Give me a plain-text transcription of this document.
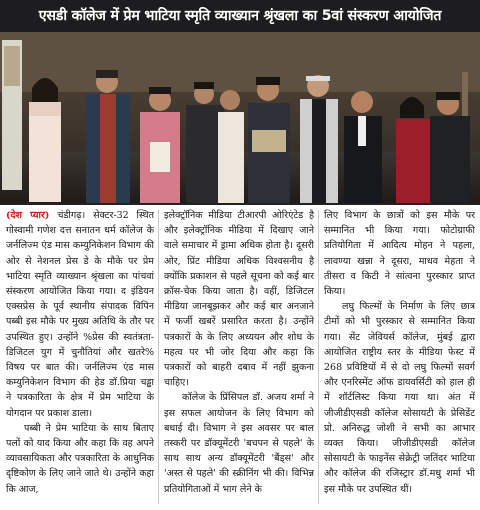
एसडी कॉलेज में प्रेम भाटिया स्मृति व्याख्यान श्रृंखला का 5वां संस्करण आयोजित

(देश प्यार) चंडीगढ़। सेक्टर-32 स्थित गोस्वामी गणेश दत्त सनातन धर्म कॉलेज के जर्नलिज्म एंड मास कम्युनिकेशन विभाग की ओर से नेशनल प्रेस डे के मौके पर प्रेम भाटिया स्मृति व्याख्यान श्रृंखला का पांचवां संस्करण आयोजित किया गया। द इंडियन एक्सप्रेस के पूर्व स्थानीय संपादक विपिन पब्बी इस मौके पर मुख्य अतिथि के तौर पर उपस्थित हुए। उन्होंने %प्रेस की स्वतंत्रता-डिजिटल युग में चुनौतियां और खतरे% विषय पर बात की। जर्नलिज्म एंड मास कम्युनिकेशन विभाग की हेड डॉ.प्रिया चड्ढा ने पत्रकारिता के क्षेत्र में प्रेम भाटिया के योगदान पर प्रकाश डाला।

पब्बी ने प्रेम भाटिया के साथ बिताए पलों को याद किया और कहा कि वह अपने व्यावसायिकता और पत्रकारिता के आधुनिक दृष्टिकोण के लिए जाने जाते थे। उन्होंने कहा कि आज,

इलेक्ट्रॉनिक मीडिया टीआरपी ओरिएंटेड है और इलेक्ट्रॉनिक मीडिया में दिखाए जाने वाले समाचार में ड्रामा अधिक होता है। दूसरी ओर, प्रिंट मीडिया अधिक विश्वसनीय है क्योंकि प्रकाशन से पहले सूचना को कई बार क्रॉस-चेक किया जाता है। वहीं, डिजिटल मीडिया जानबूझकर और कई बार अनजाने में फर्जी खबरें प्रसारित करता है। उन्होंने पत्रकारों के के लिए अध्ययन और शोध के महत्व पर भी जोर दिया और कहा कि पत्रकारों को बाहरी दबाव में नहीं झुकना चाहिए।

कॉलेज के प्रिंसिपल डॉ. अजय शर्मा ने इस सफल आयोजन के लिए विभाग को बधाई दी। विभाग ने इस अवसर पर बाल तस्करी पर डॉक्यूमेंटरी 'बचपन से पहले' के साथ साथ अन्य डॉक्यूमेंटरी 'बैंड्स' और 'अस्त से पहले' की स्क्रीनिंग भी की। विभिन्न प्रतियोगिताओं में भाग लेने के

लिए विभाग के छात्रों को इस मौके पर सम्मानित भी किया गया। फोटोग्राफी प्रतियोगिता में आदित्य मोहन ने पहला, लावण्या खन्ना ने दूसरा, माधव मेहता ने तीसरा व किटी ने सांत्वना पुरस्कार प्राप्त किया।

लघु फिल्मों के निर्माण के लिए छात्र टीमों को भी पुरस्कार से सम्मानित किया गया। सेंट जेवियर्स कॉलेज, मुंबई द्वारा आयोजित राष्ट्रीय स्तर के मीडिया फेस्ट में 268 प्रविष्टियों में से दो लघु फिल्मों सवर्ग और एनरिस्मेंट ऑफ डायवर्सिटी को हाल ही में शॉर्टलिस्ट किया गया था। अंत में जीजीडीएसडी कॉलेज सोसायटी के प्रेसिडेंट प्रो. अनिरुद्ध जोशी ने सभी का आभार व्यक्त किया। जीजीडीएसडी कॉलेज सोसायटी के फाइनेंस सेक्रेट्री जतिंदर भाटिया और कॉलेज की रजिस्ट्रार डॉ.मधु शर्मा भी इस मौके पर उपस्थित थीं।
